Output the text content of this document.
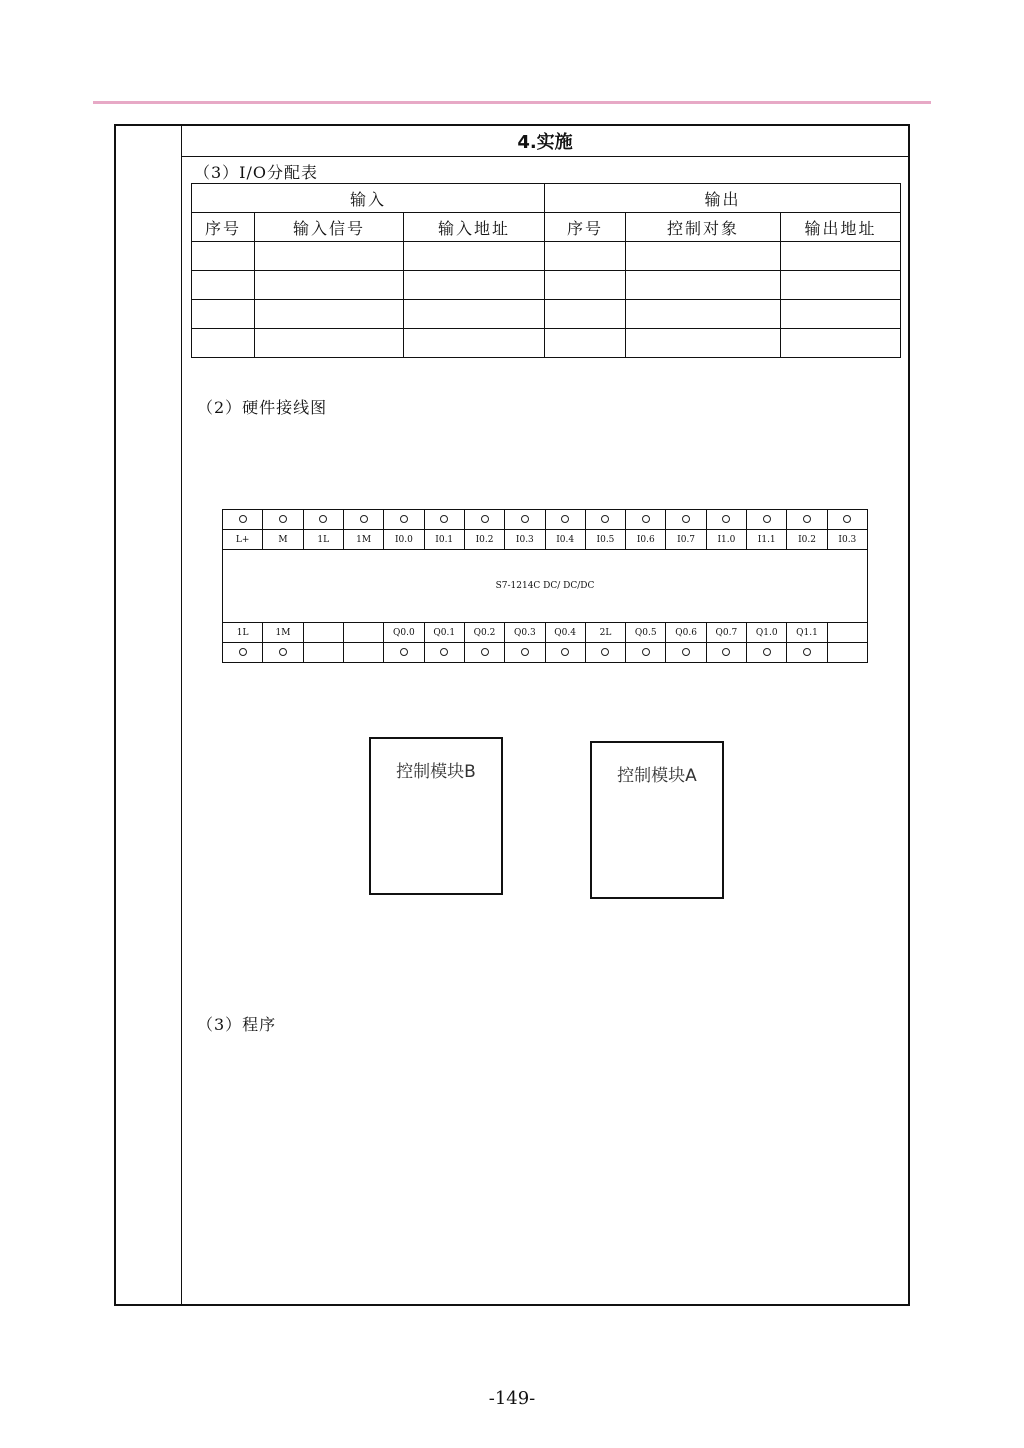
4.实施
（3）I/O分配表
输入			输出		
序号	输入信号	输入地址	序号	控制对象	输出地址

（2）硬件接线图

L+	M	1L	1M	I0.0	I0.1	I0.2	I0.3	I0.4	I0.5	I0.6	I0.7	I1.0	I1.1	I0.2	I0.3
S7-1214C DC/ DC/DC															
1L	1M			Q0.0	Q0.1	Q0.2	Q0.3	Q0.4	2L	Q0.5	Q0.6	Q0.7	Q1.0	Q1.1	

控制模块B	控制模块A
（3）程序
-149-
